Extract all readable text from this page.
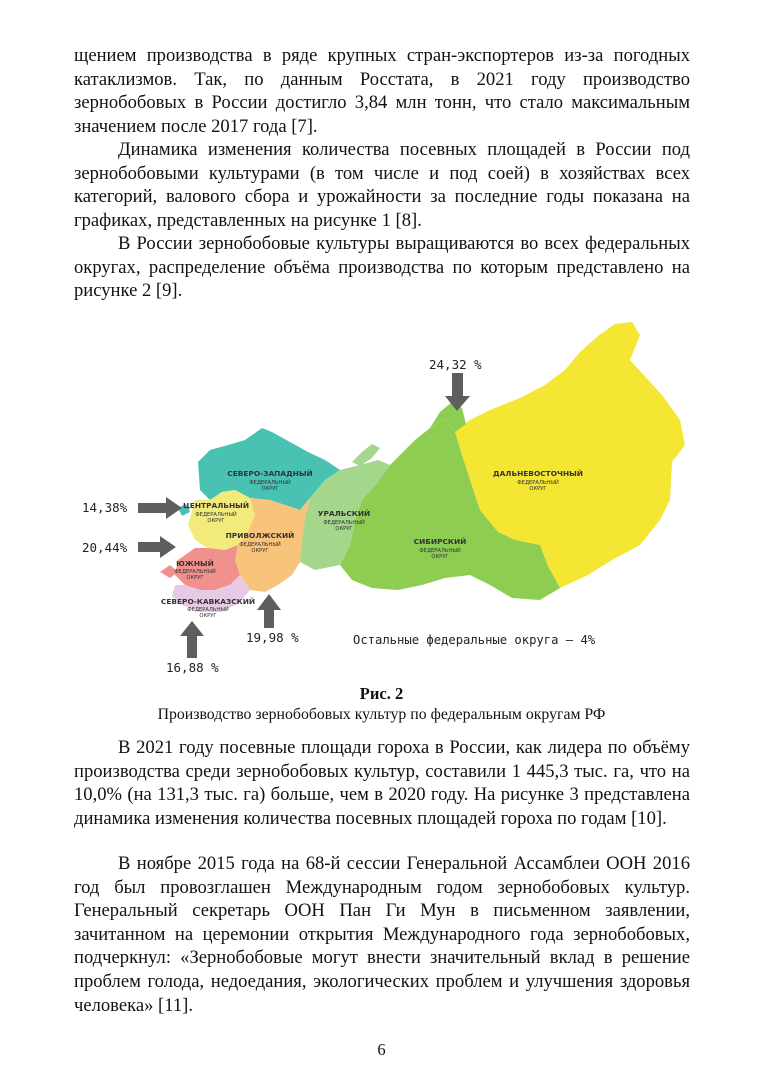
щением производства в ряде крупных стран-экспортеров из-за погодных катаклизмов. Так, по данным Росстата, в 2021 году производство зернобобовых в России достигло 3,84 млн тонн, что стало максимальным значением после 2017 года [7].

Динамика изменения количества посевных площадей в России под зернобобовыми культурами (в том числе и под соей) в хозяйствах всех категорий, валового сбора и урожайности за последние годы показана на графиках, представленных на рисунке 1 [8].

В России зернобобовые культуры выращиваются во всех федеральных округах, распределение объёма производства по которым представлено на рисунке 2 [9].

СЕВЕРО-ЗАПАДНЫЙ
ФЕДЕРАЛЬНЫЙ
ОКРУГ
ЦЕНТРАЛЬНЫЙ
ФЕДЕРАЛЬНЫЙ
ОКРУГ
ПРИВОЛЖСКИЙ
ФЕДЕРАЛЬНЫЙ
ОКРУГ
ЮЖНЫЙ
ФЕДЕРАЛЬНЫЙ
ОКРУГ
СЕВЕРО-КАВКАЗСКИЙ
ФЕДЕРАЛЬНЫЙ
ОКРУГ
УРАЛЬСКИЙ
ФЕДЕРАЛЬНЫЙ
ОКРУГ
СИБИРСКИЙ
ФЕДЕРАЛЬНЫЙ
ОКРУГ
ДАЛЬНЕВОСТОЧНЫЙ
ФЕДЕРАЛЬНЫЙ
ОКРУГ
24,32 %
14,38%
20,44%
16,88 %
19,98 %	Остальные федеральные округа — 4%
Рис. 2
Производство зернобобовых культур по федеральным округам РФ

В 2021 году посевные площади гороха в России, как лидера по объёму производства среди зернобобовых культур, составили 1 445,3 тыс. га, что на 10,0% (на 131,3 тыс. га) больше, чем в 2020 году. На рисунке 3 представлена динамика изменения количества посевных площадей гороха по годам [10].

В ноябре 2015 года на 68-й сессии Генеральной Ассамблеи ООН 2016 год был провозглашен Международным годом зернобобовых культур. Генеральный секретарь ООН Пан Ги Мун в письменном заявлении, зачитанном на церемонии открытия Международного года зернобобовых, подчеркнул: «Зернобобовые могут внести значительный вклад в решение проблем голода, недоедания, экологических проблем и улучшения здоровья человека» [11].

6
